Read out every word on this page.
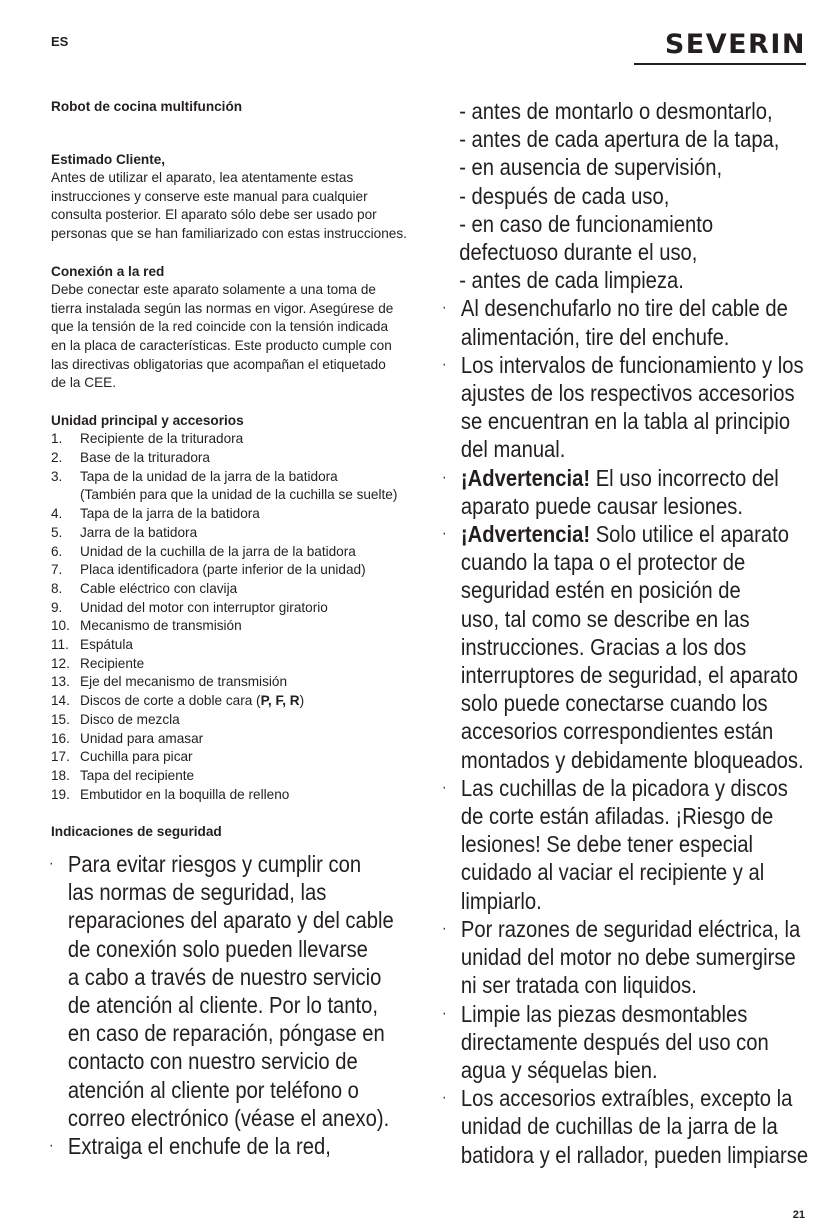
ES	SEVERIN
Robot de cocina multifunción
Estimado Cliente,
Antes de utilizar el aparato, lea atentamente estas
instrucciones y conserve este manual para cualquier
consulta posterior. El aparato sólo debe ser usado por
personas que se han familiarizado con estas instrucciones.
Conexión a la red
Debe conectar este aparato solamente a una toma de
tierra instalada según las normas en vigor. Asegúrese de
que la tensión de la red coincide con la tensión indicada
en la placa de características. Este producto cumple con
las directivas obligatorias que acompañan el etiquetado
de la CEE.
Unidad principal y accesorios
1.	Recipiente de la trituradora
2.	Base de la trituradora
3.	Tapa de la unidad de la jarra de la batidora
(También para que la unidad de la cuchilla se suelte)
4.	Tapa de la jarra de la batidora
5.	Jarra de la batidora
6.	Unidad de la cuchilla de la jarra de la batidora
7.	Placa identificadora (parte inferior de la unidad)
8.	Cable eléctrico con clavija
9.	Unidad del motor con interruptor giratorio
10. Mecanismo de transmisión
11. Espátula
12. Recipiente
13. Eje del mecanismo de transmisión
14. Discos de corte a doble cara (P, F, R)
15. Disco de mezcla
16. Unidad para amasar
17. Cuchilla para picar
18. Tapa del recipiente
19. Embutidor en la boquilla de relleno
Indicaciones de seguridad
· Para evitar riesgos y cumplir con
las normas de seguridad, las
reparaciones del aparato y del cable
de conexión solo pueden llevarse
a cabo a través de nuestro servicio
de atención al cliente. Por lo tanto,
en caso de reparación, póngase en
contacto con nuestro servicio de
atención al cliente por teléfono o
correo electrónico (véase el anexo).
· Extraiga el enchufe de la red,
- antes de montarlo o desmontarlo,
- antes de cada apertura de la tapa,
- en ausencia de supervisión,
- después de cada uso,
- en caso de funcionamiento
defectuoso durante el uso,
- antes de cada limpieza.
· Al desenchufarlo no tire del cable de
alimentación, tire del enchufe.
· Los intervalos de funcionamiento y los
ajustes de los respectivos accesorios
se encuentran en la tabla al principio
del manual.
· ¡Advertencia! El uso incorrecto del
aparato puede causar lesiones.
· ¡Advertencia! Solo utilice el aparato
cuando la tapa o el protector de
seguridad estén en posición de
uso, tal como se describe en las
instrucciones. Gracias a los dos
interruptores de seguridad, el aparato
solo puede conectarse cuando los
accesorios correspondientes están
montados y debidamente bloqueados.
· Las cuchillas de la picadora y discos
de corte están afiladas. ¡Riesgo de
lesiones! Se debe tener especial
cuidado al vaciar el recipiente y al
limpiarlo.
· Por razones de seguridad eléctrica, la
unidad del motor no debe sumergirse
ni ser tratada con liquidos.
· Limpie las piezas desmontables
directamente después del uso con
agua y séquelas bien.
· Los accesorios extraíbles, excepto la
unidad de cuchillas de la jarra de la
batidora y el rallador, pueden limpiarse
21
